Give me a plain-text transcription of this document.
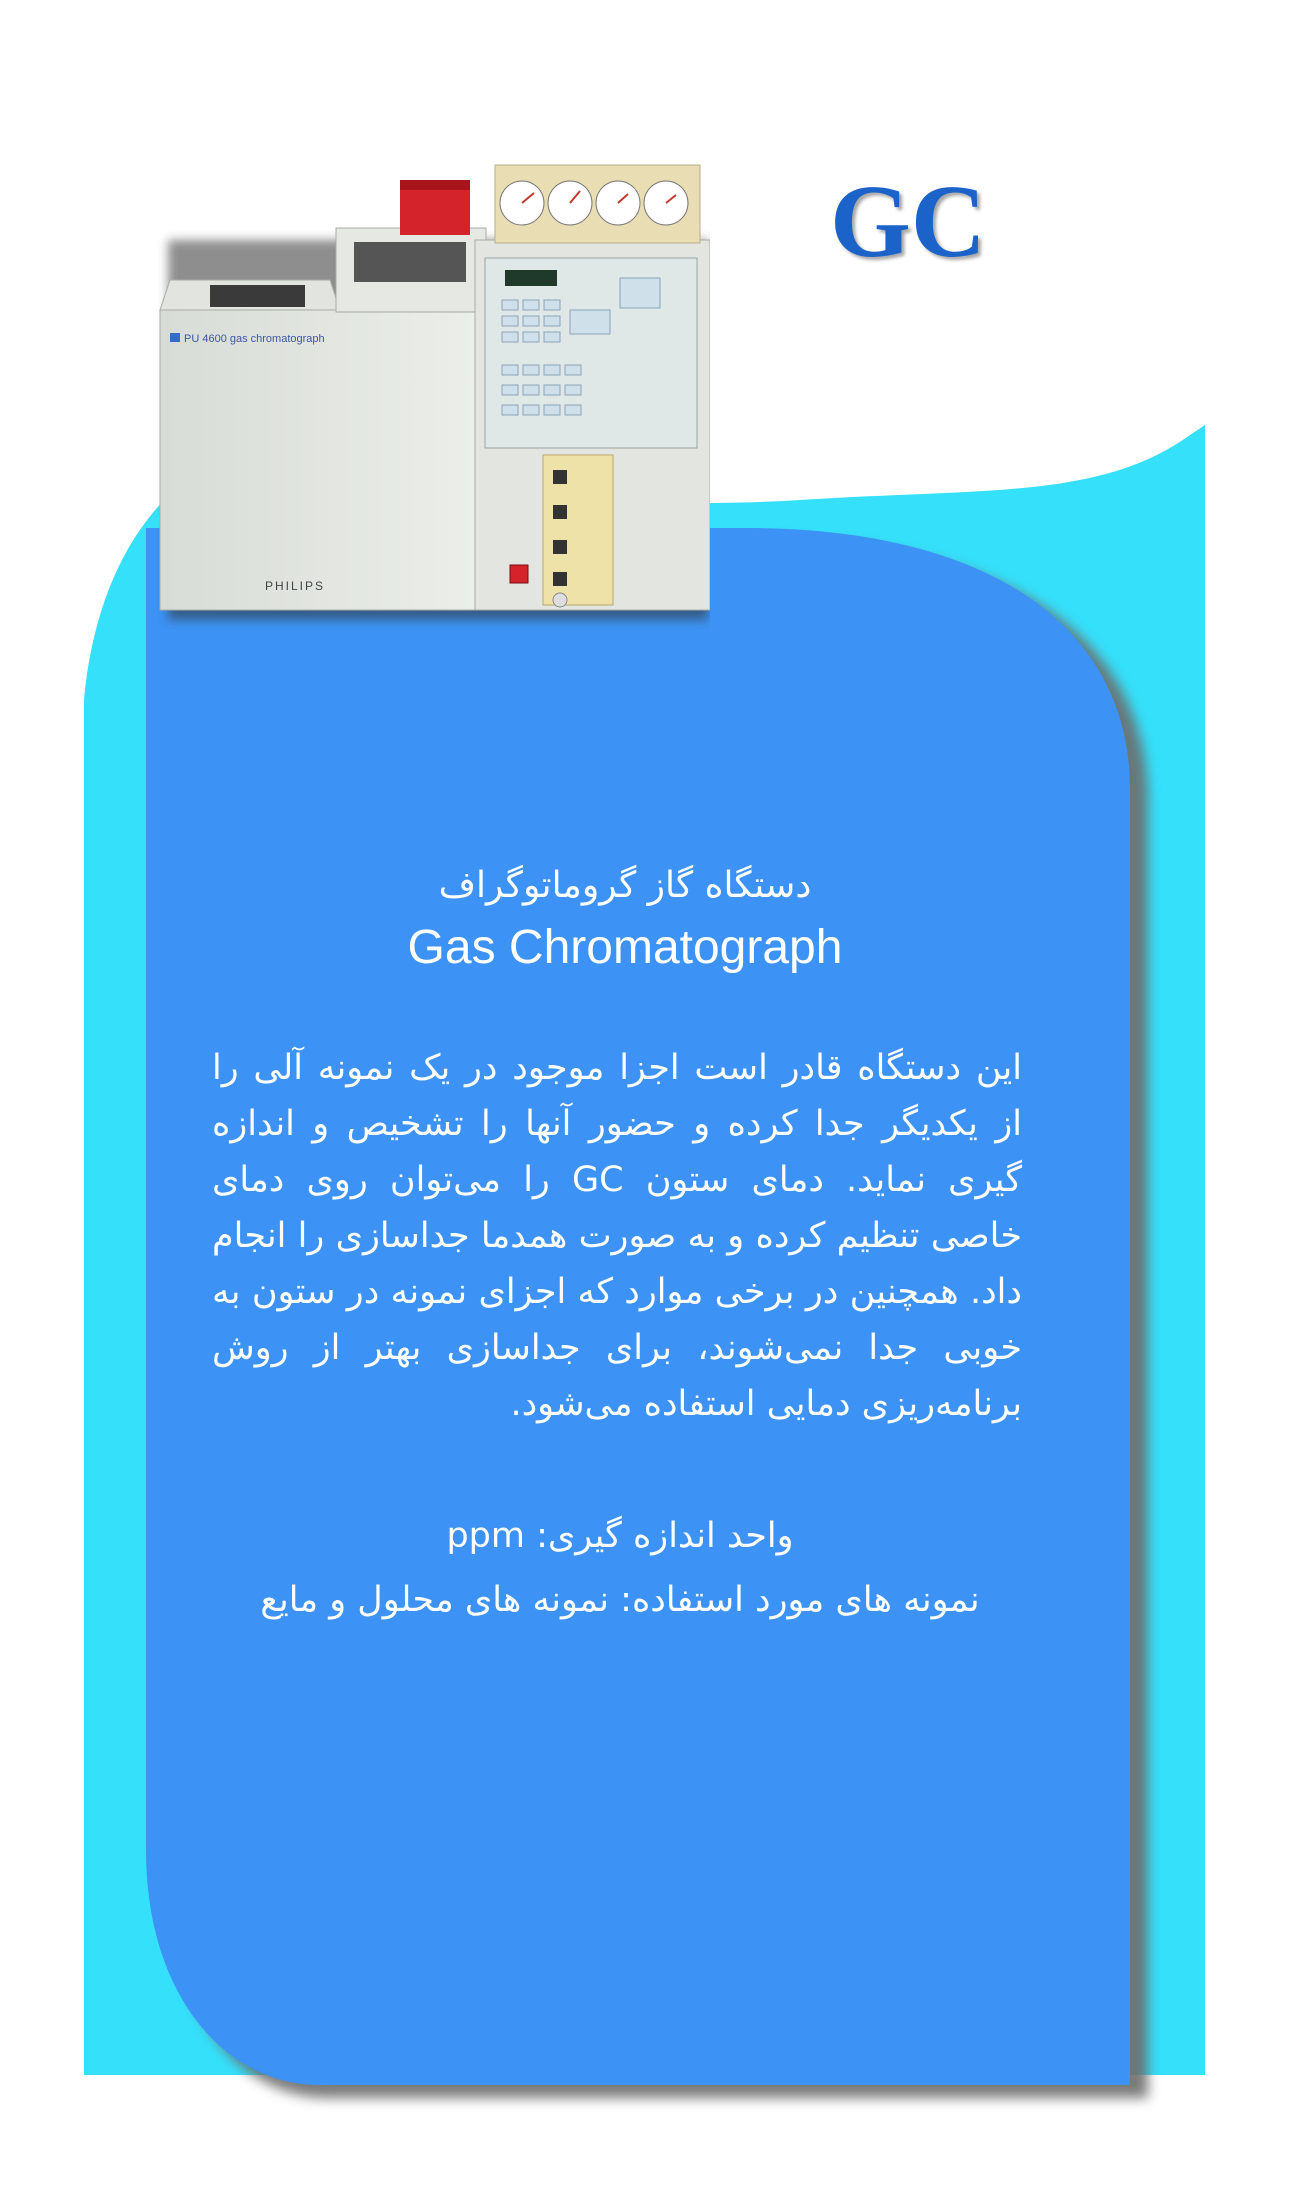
PU 4600 gas chromatograph
PHILIPS
GC
دستگاه گاز گروماتوگراف
Gas Chromatograph
این دستگاه قادر است اجزا موجود در یک نمونه آلی را از یکدیگر جدا کرده و حضور آنها را تشخیص و اندازه گیری نماید. دمای ستون GC را می‌توان روی دمای خاصی تنظیم کرده و به صورت همدما جداسازی را انجام داد. همچنین در برخی موارد که اجزای نمونه در ستون به خوبی جدا نمی‌شوند، برای جداسازی بهتر از روش برنامه‌ریزی دمایی استفاده می‌شود.
واحد اندازه گیری: ppm
نمونه های مورد استفاده: نمونه های محلول و مایع
